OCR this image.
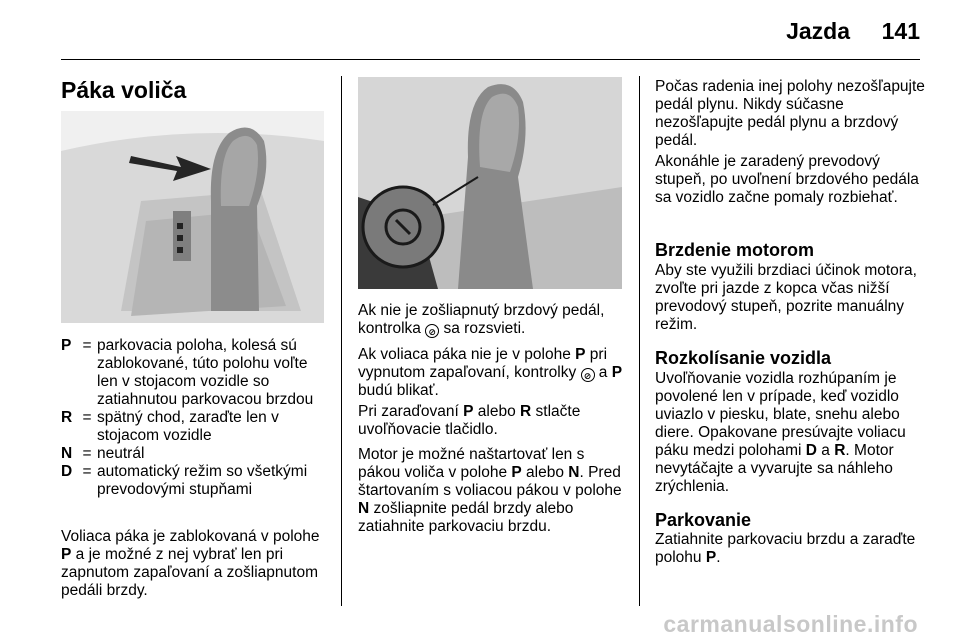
Jazda 141
Páka voliča
P = parkovacia poloha, kolesá sú zablokované, túto polohu voľte len v stojacom vozidle so zatiahnutou parkovacou brzdou
R = spätný chod, zaraďte len v stojacom vozidle
N = neutrál
D = automatický režim so všetkými prevodovými stupňami

Voliaca páka je zablokovaná v polohe P a je možné z nej vybrať len pri zapnutom zapaľovaní a zošliapnutom pedáli brzdy.

Ak nie je zošliapnutý brzdový pedál, kontrolka ⊘ sa rozsvieti.

Ak voliaca páka nie je v polohe P pri vypnutom zapaľovaní, kontrolky ⊘ a P budú blikať.

Pri zaraďovaní P alebo R stlačte uvoľňovacie tlačidlo.

Motor je možné naštartovať len s pákou voliča v polohe P alebo N. Pred štartovaním s voliacou pákou v polohe N zošliapnite pedál brzdy alebo zatiahnite parkovaciu brzdu.

Počas radenia inej polohy nezošľapujte pedál plynu. Nikdy súčasne nezošľapujte pedál plynu a brzdový pedál.

Akonáhle je zaradený prevodový stupeň, po uvoľnení brzdového pedála sa vozidlo začne pomaly rozbiehať.

Brzdenie motorom

Aby ste využili brzdiaci účinok motora, zvoľte pri jazde z kopca včas nižší prevodový stupeň, pozrite manuálny režim.

Rozkolísanie vozidla

Uvoľňovanie vozidla rozhúpaním je povolené len v prípade, keď vozidlo uviazlo v piesku, blate, snehu alebo diere. Opakovane presúvajte voliacu páku medzi polohami D a R. Motor nevytáčajte a vyvarujte sa náhleho zrýchlenia.

Parkovanie

Zatiahnite parkovaciu brzdu a zaraďte polohu P.

carmanualsonline.info
